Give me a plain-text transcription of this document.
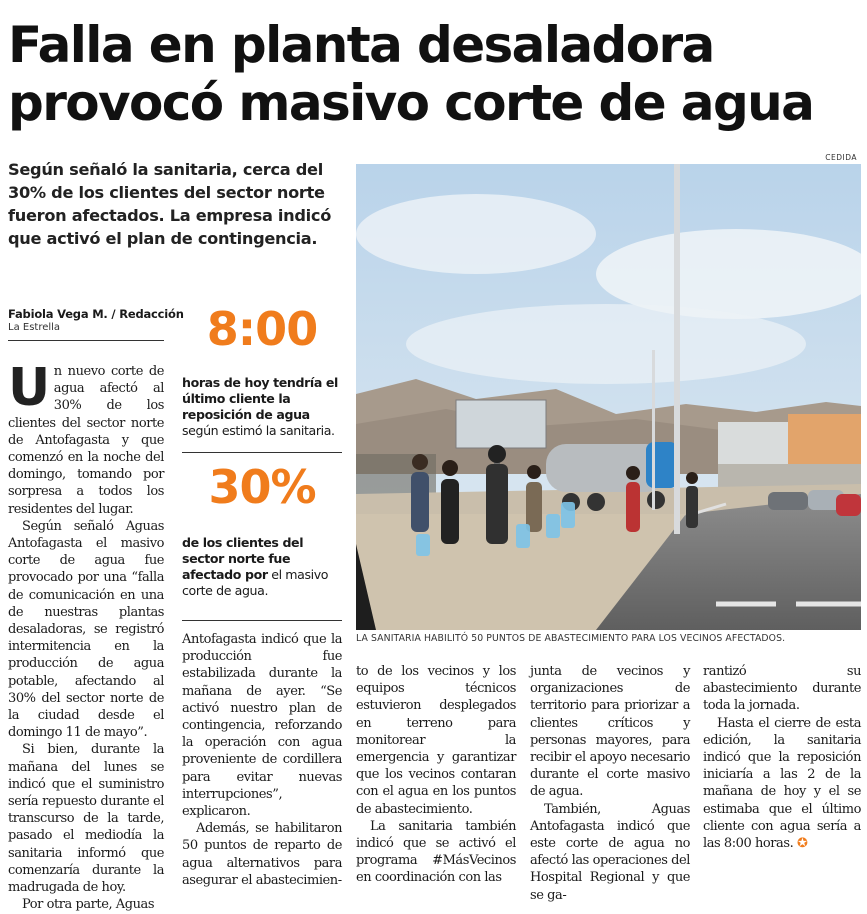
Falla en planta desaladora
provocó masivo corte de agua
Según señaló la sanitaria, cerca del 30% de los clientes del sector norte fueron afectados. La empresa indicó que activó el plan de contingencia.
CEDIDA
LA SANITARIA HABILITÓ 50 PUNTOS DE ABASTECIMIENTO PARA LOS VECINOS AFECTADOS.
Fabiola Vega M. / Redacción
La Estrella	8:00
horas de hoy tendría el último cliente la reposición de agua según estimó la sanitaria.
30%
de los clientes del sector norte fue afectado por el masivo corte de agua.

Un nuevo corte de agua afectó al 30% de los clientes del sector norte de Antofagasta y que comenzó en la noche del domingo, tomando por sorpresa a todos los residentes del lugar.

Según señaló Aguas Antofagasta el masivo corte de agua fue provocado por una “falla de comunicación en una de nuestras plantas desaladoras, se registró intermitencia en la producción de agua potable, afectando al 30% del sector norte de la ciudad desde el domingo 11 de mayo”.

Si bien, durante la mañana del lunes se indicó que el suministro sería repuesto durante el transcurso de la tarde, pasado el mediodía la sanitaria informó que comenzaría durante la madrugada de hoy.

Por otra parte, Aguas

Antofagasta indicó que la producción fue estabilizada durante la mañana de ayer. “Se activó nuestro plan de contingencia, reforzando la operación con agua proveniente de cordillera para evitar nuevas interrupciones”, explicaron.

Además, se habilitaron 50 puntos de reparto de agua alternativos para asegurar el abastecimien-

to de los vecinos y los equipos técnicos estuvieron desplegados en terreno para monitorear la emergencia y garantizar que los vecinos contaran con el agua en los puntos de abastecimiento.

La sanitaria también indicó que se activó el programa #MásVecinos en coordinación con las

junta de vecinos y organizaciones de territorio para priorizar a clientes críticos y personas mayores, para recibir el apoyo necesario durante el corte masivo de agua.

También, Aguas Antofagasta indicó que este corte de agua no afectó las operaciones del Hospital Regional y que se ga-

rantizó su abastecimiento durante toda la jornada.

Hasta el cierre de esta edición, la sanitaria indicó que la reposición iniciaría a las 2 de la mañana de hoy y el se estimaba que el último cliente con agua sería a las 8:00 horas. ✪
